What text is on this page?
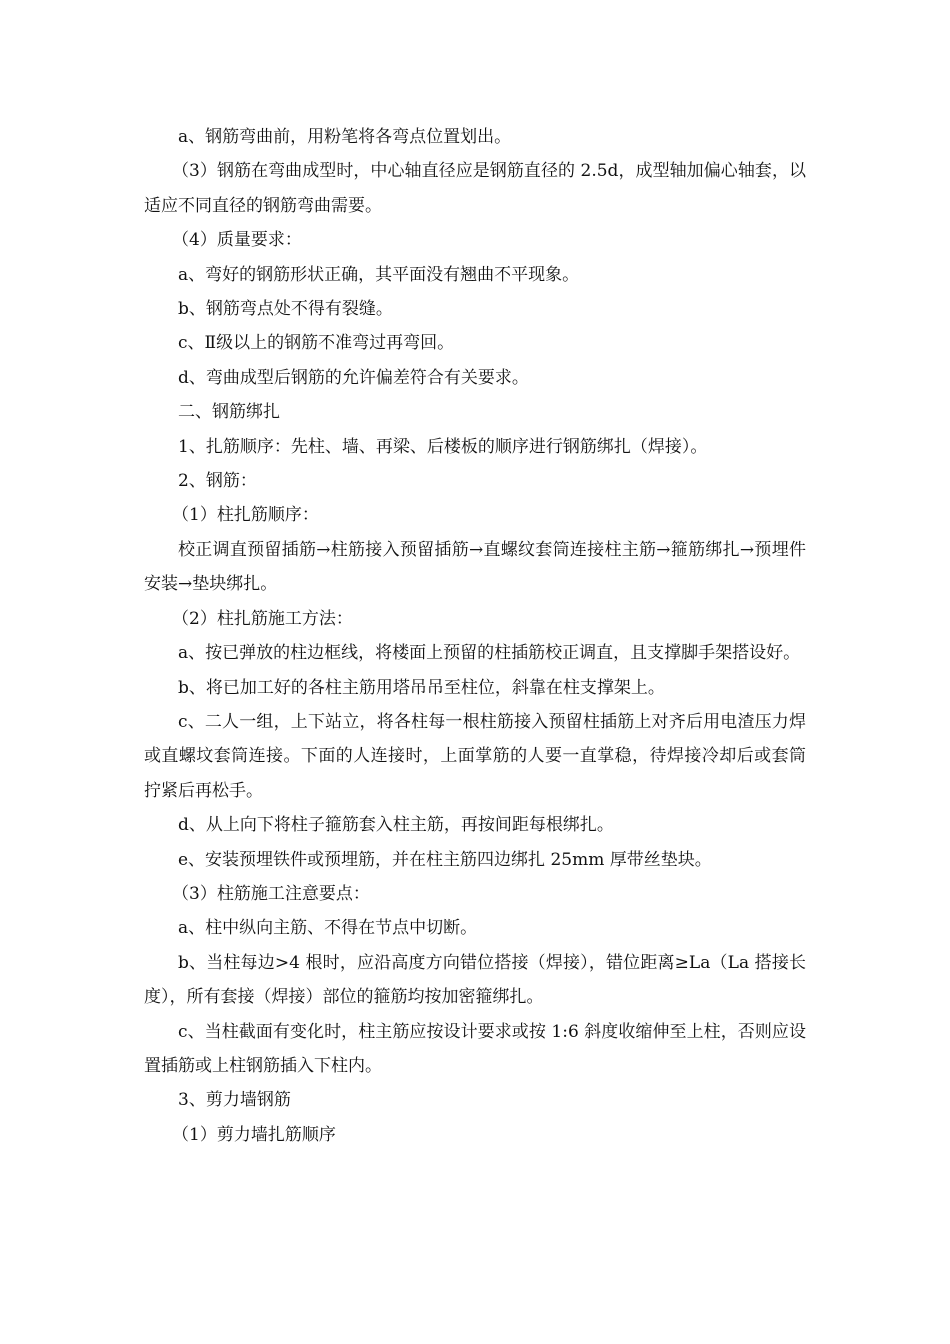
a、钢筋弯曲前，用粉笔将各弯点位置划出。

（3）钢筋在弯曲成型时，中心轴直径应是钢筋直径的 2.5d，成型轴加偏心轴套，以适应不同直径的钢筋弯曲需要。

（4）质量要求：

a、弯好的钢筋形状正确，其平面没有翘曲不平现象。

b、钢筋弯点处不得有裂缝。

c、Ⅱ级以上的钢筋不准弯过再弯回。

d、弯曲成型后钢筋的允许偏差符合有关要求。

二、钢筋绑扎

1、扎筋顺序：先柱、墙、再梁、后楼板的顺序进行钢筋绑扎（焊接）。

2、钢筋：

（1）柱扎筋顺序：

校正调直预留插筋→柱筋接入预留插筋→直螺纹套筒连接柱主筋→箍筋绑扎→预埋件安装→垫块绑扎。

（2）柱扎筋施工方法：

a、按已弹放的柱边框线，将楼面上预留的柱插筋校正调直，且支撑脚手架搭设好。

b、将已加工好的各柱主筋用塔吊吊至柱位，斜靠在柱支撑架上。

c、二人一组，上下站立，将各柱每一根柱筋接入预留柱插筋上对齐后用电渣压力焊或直螺坟套筒连接。下面的人连接时，上面掌筋的人要一直掌稳，待焊接冷却后或套筒拧紧后再松手。

d、从上向下将柱子箍筋套入柱主筋，再按间距每根绑扎。

e、安装预埋铁件或预埋筋，并在柱主筋四边绑扎 25mm 厚带丝垫块。

（3）柱筋施工注意要点：

a、柱中纵向主筋、不得在节点中切断。

b、当柱每边>4 根时，应沿高度方向错位搭接（焊接），错位距离≥La（La 搭接长度），所有套接（焊接）部位的箍筋均按加密箍绑扎。

c、当柱截面有变化时，柱主筋应按设计要求或按 1:6 斜度收缩伸至上柱，否则应设置插筋或上柱钢筋插入下柱内。

3、剪力墙钢筋

（1）剪力墙扎筋顺序
